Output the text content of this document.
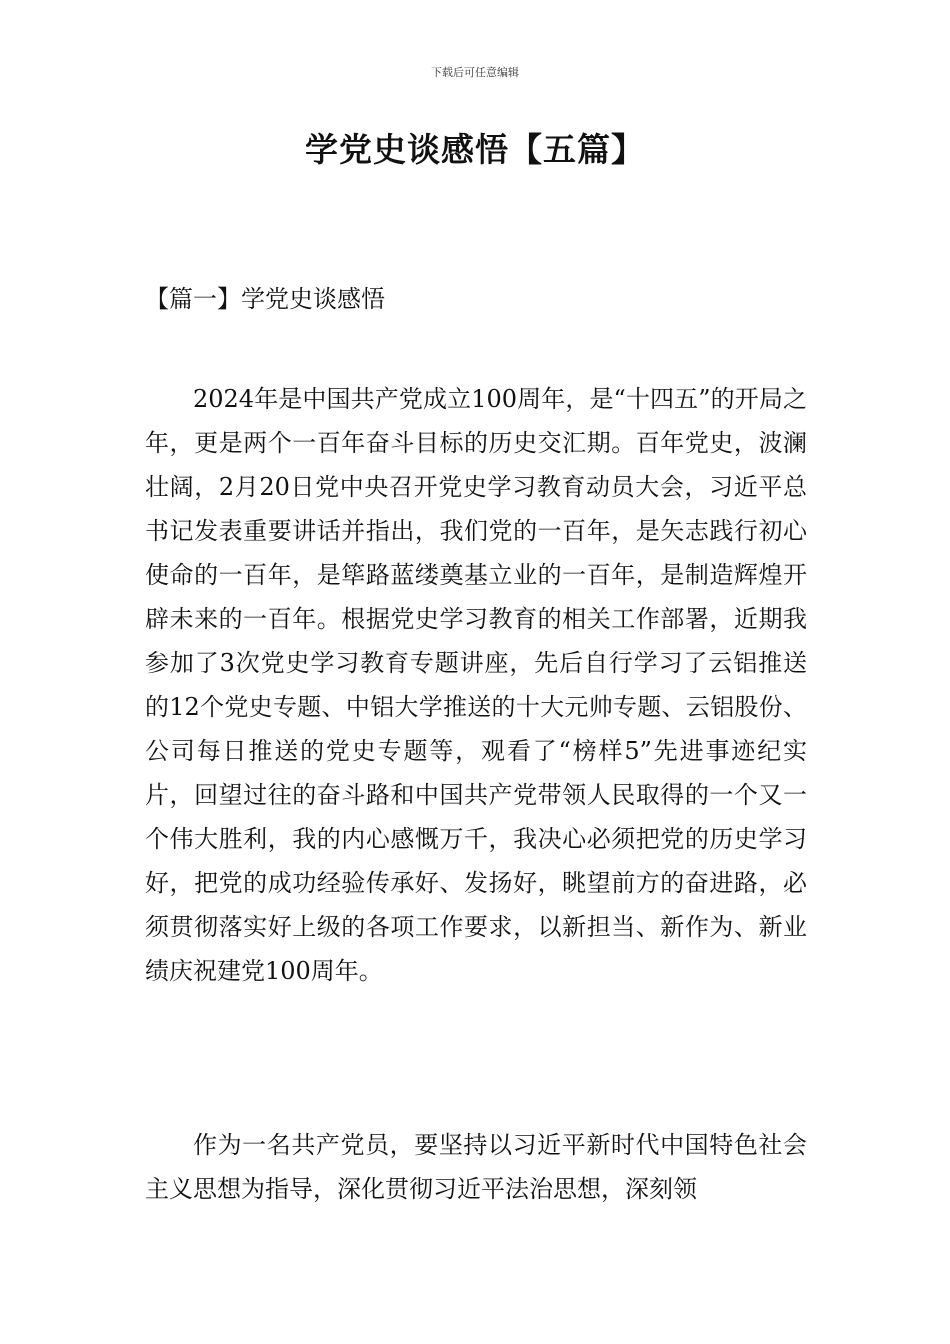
下载后可任意编辑
学党史谈感悟【五篇】
【篇一】学党史谈感悟

2024年是中国共产党成立100周年，是“十四五”的开局之年，更是两个一百年奋斗目标的历史交汇期。百年党史，波澜壮阔，2月20日党中央召开党史学习教育动员大会，习近平总书记发表重要讲话并指出，我们党的一百年，是矢志践行初心使命的一百年，是筚路蓝缕奠基立业的一百年，是制造辉煌开辟未来的一百年。根据党史学习教育的相关工作部署，近期我参加了3次党史学习教育专题讲座，先后自行学习了云铝推送的12个党史专题、中铝大学推送的十大元帅专题、云铝股份、公司每日推送的党史专题等，观看了“榜样5”先进事迹纪实片，回望过往的奋斗路和中国共产党带领人民取得的一个又一个伟大胜利，我的内心感慨万千，我决心必须把党的历史学习好，把党的成功经验传承好、发扬好，眺望前方的奋进路，必须贯彻落实好上级的各项工作要求，以新担当、新作为、新业绩庆祝建党100周年。

作为一名共产党员，要坚持以习近平新时代中国特色社会主义思想为指导，深化贯彻习近平法治思想，深刻领
